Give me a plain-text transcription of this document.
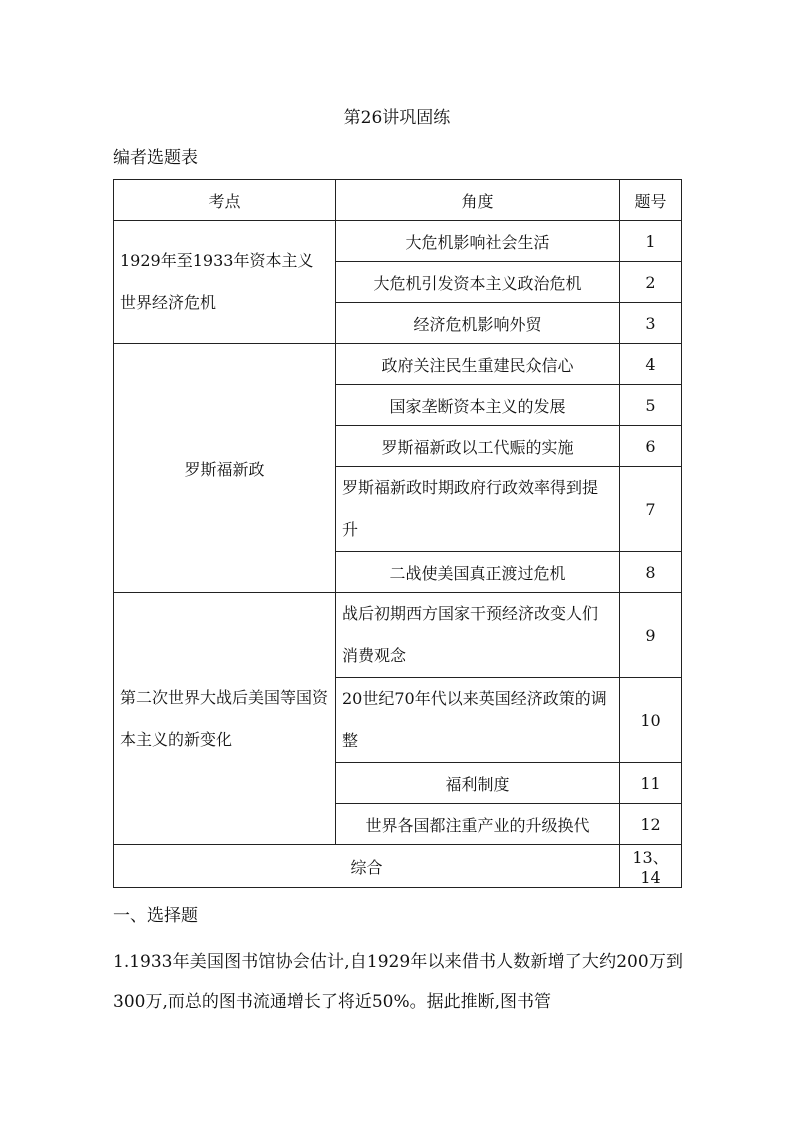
第26讲巩固练
编者选题表
考点	角度	题号
1929年至1933年资本主义世界经济危机	大危机影响社会生活	1
	大危机引发资本主义政治危机	2
	经济危机影响外贸	3
罗斯福新政	政府关注民生重建民众信心	4
	国家垄断资本主义的发展	5
	罗斯福新政以工代赈的实施	6
	罗斯福新政时期政府行政效率得到提升	7
	二战使美国真正渡过危机	8
第二次世界大战后美国等国资本主义的新变化	战后初期西方国家干预经济改变人们消费观念	9
	20世纪70年代以来英国经济政策的调整	10
	福利制度	11
	世界各国都注重产业的升级换代	12
综合		13、14
一、选择题
1.1933年美国图书馆协会估计,自1929年以来借书人数新增了大约200万到300万,而总的图书流通增长了将近50%。据此推断,图书管
